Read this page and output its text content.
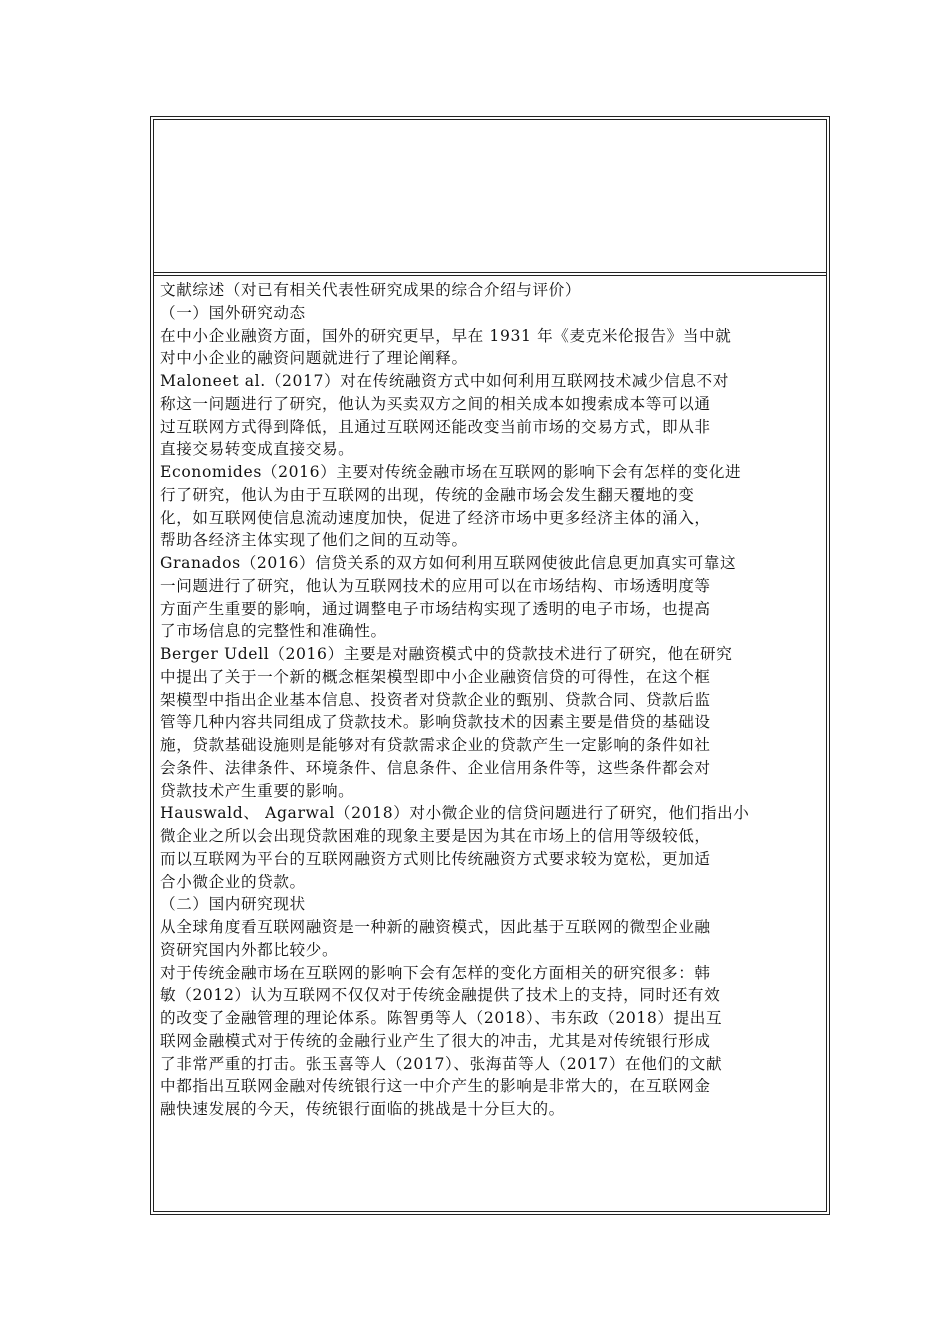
文献综述（对已有相关代表性研究成果的综合介绍与评价）
（一）国外研究动态
在中小企业融资方面，国外的研究更早，早在 1931 年《麦克米伦报告》当中就
对中小企业的融资问题就进行了理论阐释。
Maloneet al.（2017）对在传统融资方式中如何利用互联网技术减少信息不对
称这一问题进行了研究，他认为买卖双方之间的相关成本如搜索成本等可以通
过互联网方式得到降低，且通过互联网还能改变当前市场的交易方式，即从非
直接交易转变成直接交易。
Economides（2016）主要对传统金融市场在互联网的影响下会有怎样的变化进
行了研究，他认为由于互联网的出现，传统的金融市场会发生翻天覆地的变
化，如互联网使信息流动速度加快，促进了经济市场中更多经济主体的涌入，
帮助各经济主体实现了他们之间的互动等。
Granados（2016）信贷关系的双方如何利用互联网使彼此信息更加真实可靠这
一问题进行了研究，他认为互联网技术的应用可以在市场结构、市场透明度等
方面产生重要的影响，通过调整电子市场结构实现了透明的电子市场，也提高
了市场信息的完整性和准确性。
Berger Udell（2016）主要是对融资模式中的贷款技术进行了研究，他在研究
中提出了关于一个新的概念框架模型即中小企业融资信贷的可得性，在这个框
架模型中指出企业基本信息、投资者对贷款企业的甄别、贷款合同、贷款后监
管等几种内容共同组成了贷款技术。影响贷款技术的因素主要是借贷的基础设
施，贷款基础设施则是能够对有贷款需求企业的贷款产生一定影响的条件如社
会条件、法律条件、环境条件、信息条件、企业信用条件等，这些条件都会对
贷款技术产生重要的影响。
Hauswald、 Agarwal（2018）对小微企业的信贷问题进行了研究，他们指出小
微企业之所以会出现贷款困难的现象主要是因为其在市场上的信用等级较低，
而以互联网为平台的互联网融资方式则比传统融资方式要求较为宽松，更加适
合小微企业的贷款。
（二）国内研究现状
从全球角度看互联网融资是一种新的融资模式，因此基于互联网的微型企业融
资研究国内外都比较少。
对于传统金融市场在互联网的影响下会有怎样的变化方面相关的研究很多：韩
敏（2012）认为互联网不仅仅对于传统金融提供了技术上的支持，同时还有效
的改变了金融管理的理论体系。陈智勇等人（2018）、韦东政（2018）提出互
联网金融模式对于传统的金融行业产生了很大的冲击，尤其是对传统银行形成
了非常严重的打击。张玉喜等人（2017）、张海苗等人（2017）在他们的文献
中都指出互联网金融对传统银行这一中介产生的影响是非常大的，在互联网金
融快速发展的今天，传统银行面临的挑战是十分巨大的。
